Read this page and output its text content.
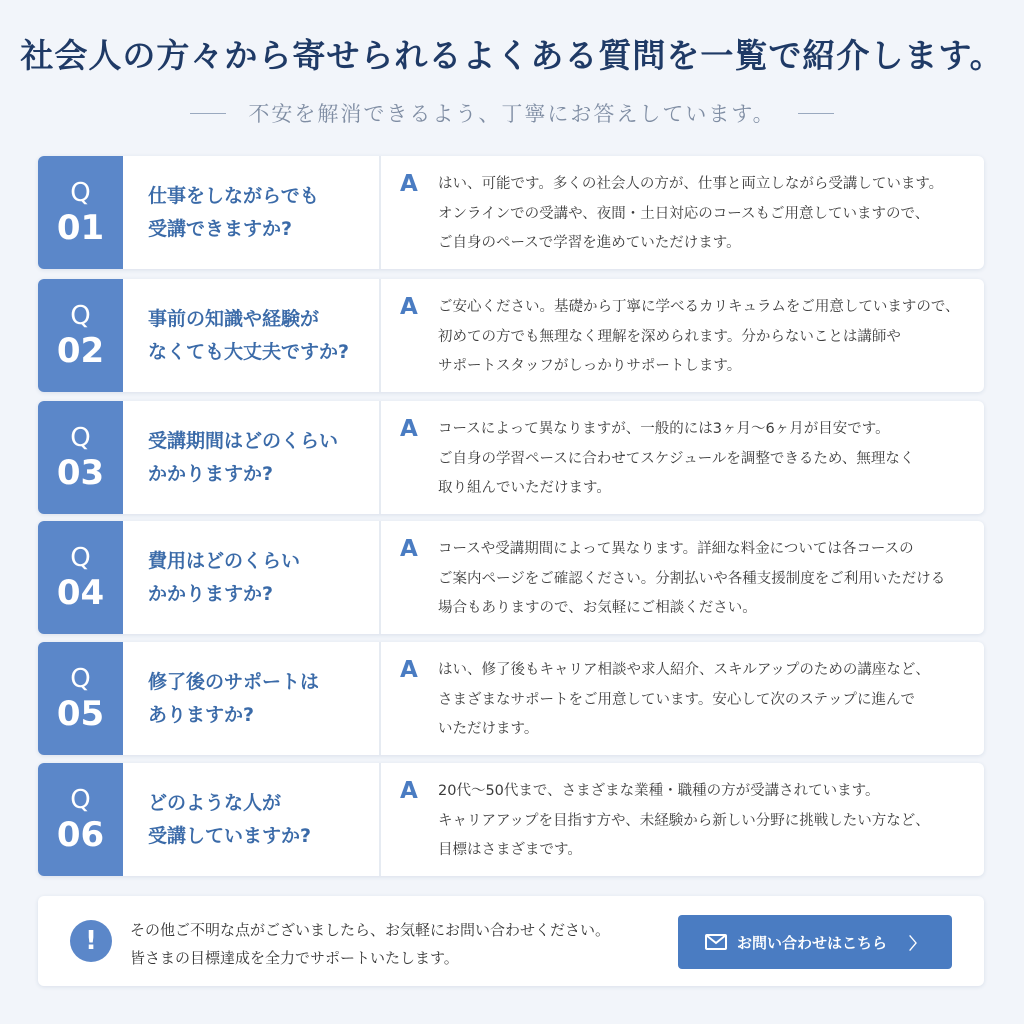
社会人の方々から寄せられるよくある質問を一覧で紹介します。
不安を解消できるよう、丁寧にお答えしています。
Q
01
仕事をしながらでも
受講できますか?
A はい、可能です。多くの社会人の方が、仕事と両立しながら受講しています。
オンラインでの受講や、夜間・土日対応のコースもご用意していますので、
ご自身のペースで学習を進めていただけます。
Q
02
事前の知識や経験が
なくても大丈夫ですか?
A ご安心ください。基礎から丁寧に学べるカリキュラムをご用意していますので、
初めての方でも無理なく理解を深められます。分からないことは講師や
サポートスタッフがしっかりサポートします。
Q
03
受講期間はどのくらい
かかりますか?
A コースによって異なりますが、一般的には3ヶ月〜6ヶ月が目安です。
ご自身の学習ペースに合わせてスケジュールを調整できるため、無理なく
取り組んでいただけます。
Q
04
費用はどのくらい
かかりますか?
A コースや受講期間によって異なります。詳細な料金については各コースの
ご案内ページをご確認ください。分割払いや各種支援制度をご利用いただける
場合もありますので、お気軽にご相談ください。
Q
05
修了後のサポートは
ありますか?
A はい、修了後もキャリア相談や求人紹介、スキルアップのための講座など、
さまざまなサポートをご用意しています。安心して次のステップに進んで
いただけます。
Q
06
どのような人が
受講していますか?
A 20代〜50代まで、さまざまな業種・職種の方が受講されています。
キャリアアップを目指す方や、未経験から新しい分野に挑戦したい方など、
目標はさまざまです。
!	その他ご不明な点がございましたら、お気軽にお問い合わせください。
皆さまの目標達成を全力でサポートいたします。
お問い合わせはこちら 〉
